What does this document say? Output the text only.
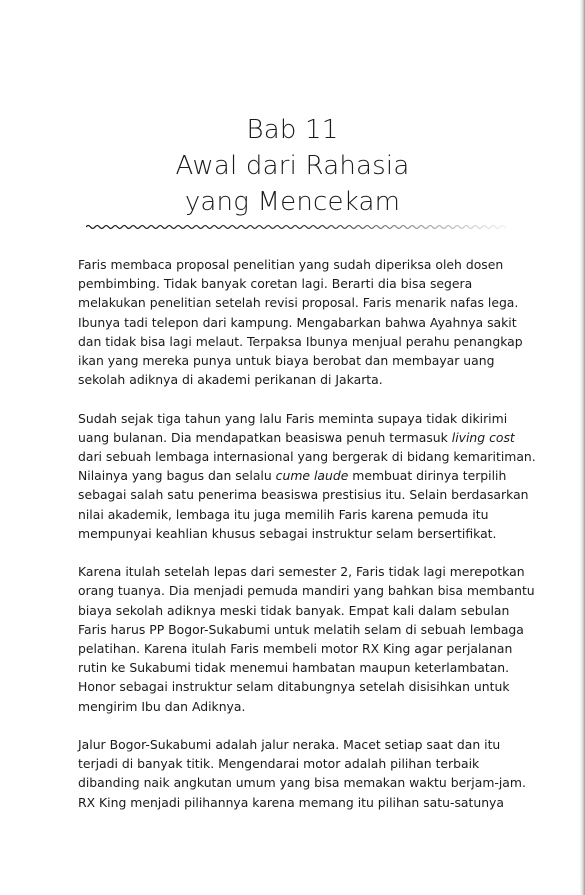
Bab 11
Awal dari Rahasia
yang Mencekam
Faris membaca proposal penelitian yang sudah diperiksa oleh dosen
pembimbing. Tidak banyak coretan lagi. Berarti dia bisa segera
melakukan penelitian setelah revisi proposal. Faris menarik nafas lega.
Ibunya tadi telepon dari kampung. Mengabarkan bahwa Ayahnya sakit
dan tidak bisa lagi melaut. Terpaksa Ibunya menjual perahu penangkap
ikan yang mereka punya untuk biaya berobat dan membayar uang
sekolah adiknya di akademi perikanan di Jakarta.
Sudah sejak tiga tahun yang lalu Faris meminta supaya tidak dikirimi
uang bulanan. Dia mendapatkan beasiswa penuh termasuk living cost
dari sebuah lembaga internasional yang bergerak di bidang kemaritiman.
Nilainya yang bagus dan selalu cume laude membuat dirinya terpilih
sebagai salah satu penerima beasiswa prestisius itu. Selain berdasarkan
nilai akademik, lembaga itu juga memilih Faris karena pemuda itu
mempunyai keahlian khusus sebagai instruktur selam bersertifikat.
Karena itulah setelah lepas dari semester 2, Faris tidak lagi merepotkan
orang tuanya. Dia menjadi pemuda mandiri yang bahkan bisa membantu
biaya sekolah adiknya meski tidak banyak. Empat kali dalam sebulan
Faris harus PP Bogor-Sukabumi untuk melatih selam di sebuah lembaga
pelatihan. Karena itulah Faris membeli motor RX King agar perjalanan
rutin ke Sukabumi tidak menemui hambatan maupun keterlambatan.
Honor sebagai instruktur selam ditabungnya setelah disisihkan untuk
mengirim Ibu dan Adiknya.
Jalur Bogor-Sukabumi adalah jalur neraka. Macet setiap saat dan itu
terjadi di banyak titik. Mengendarai motor adalah pilihan terbaik
dibanding naik angkutan umum yang bisa memakan waktu berjam-jam.
RX King menjadi pilihannya karena memang itu pilihan satu-satunya
